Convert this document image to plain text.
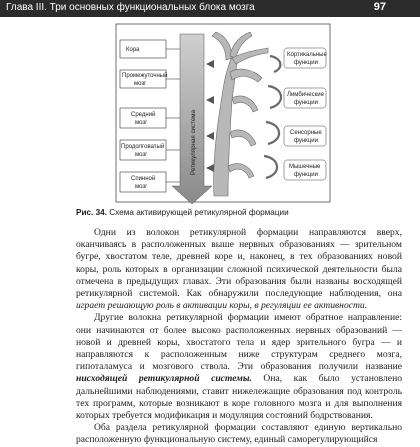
Глава III. Три основных функциональных блока мозга	97
Кора
Промежуточный
мозг
Средний
мозг
Продолговатый
мозг
Спинной
мозг
Ретикулярная система
Кортикальные
функции
Лимбические
функции
Сенсорные
функции
Мышечные
функции
Рис. 34. Схема активирующей ретикулярной формации

Одни из волокон ретикулярной формации направляются вверх, оканчиваясь в расположенных выше нервных образованиях — зрительном бугре, хвостатом теле, древней коре и, наконец, в тех образованиях новой коры, роль которых в организации сложной психической деятельности была отмечена в предыдущих главах. Эти образования были названы восходящей ретикулярной системой. Как обнаружили последующие наблюдения, она играет решающую роль в активации коры, в регуляции ее активности.

Другие волокна ретикулярной формации имеют обратное направление: они начинаются от более высоко расположенных нервных образований — новой и древней коры, хвостатого тела и ядер зрительного бугра — и направляются к расположенным ниже структурам среднего мозга, гипоталамуса и мозгового ствола. Эти образования получили название нисходящей ретикулярной системы. Она, как было установлено дальнейшими наблюдениями, ставит нижележащие образования под контроль тех программ, которые возникают в коре головного мозга и для выполнения которых требуется модификация и модуляция состояний бодрствования.

Оба раздела ретикулярной формации составляют единую вертикально расположенную функциональную систему, единый саморегулирующийся
